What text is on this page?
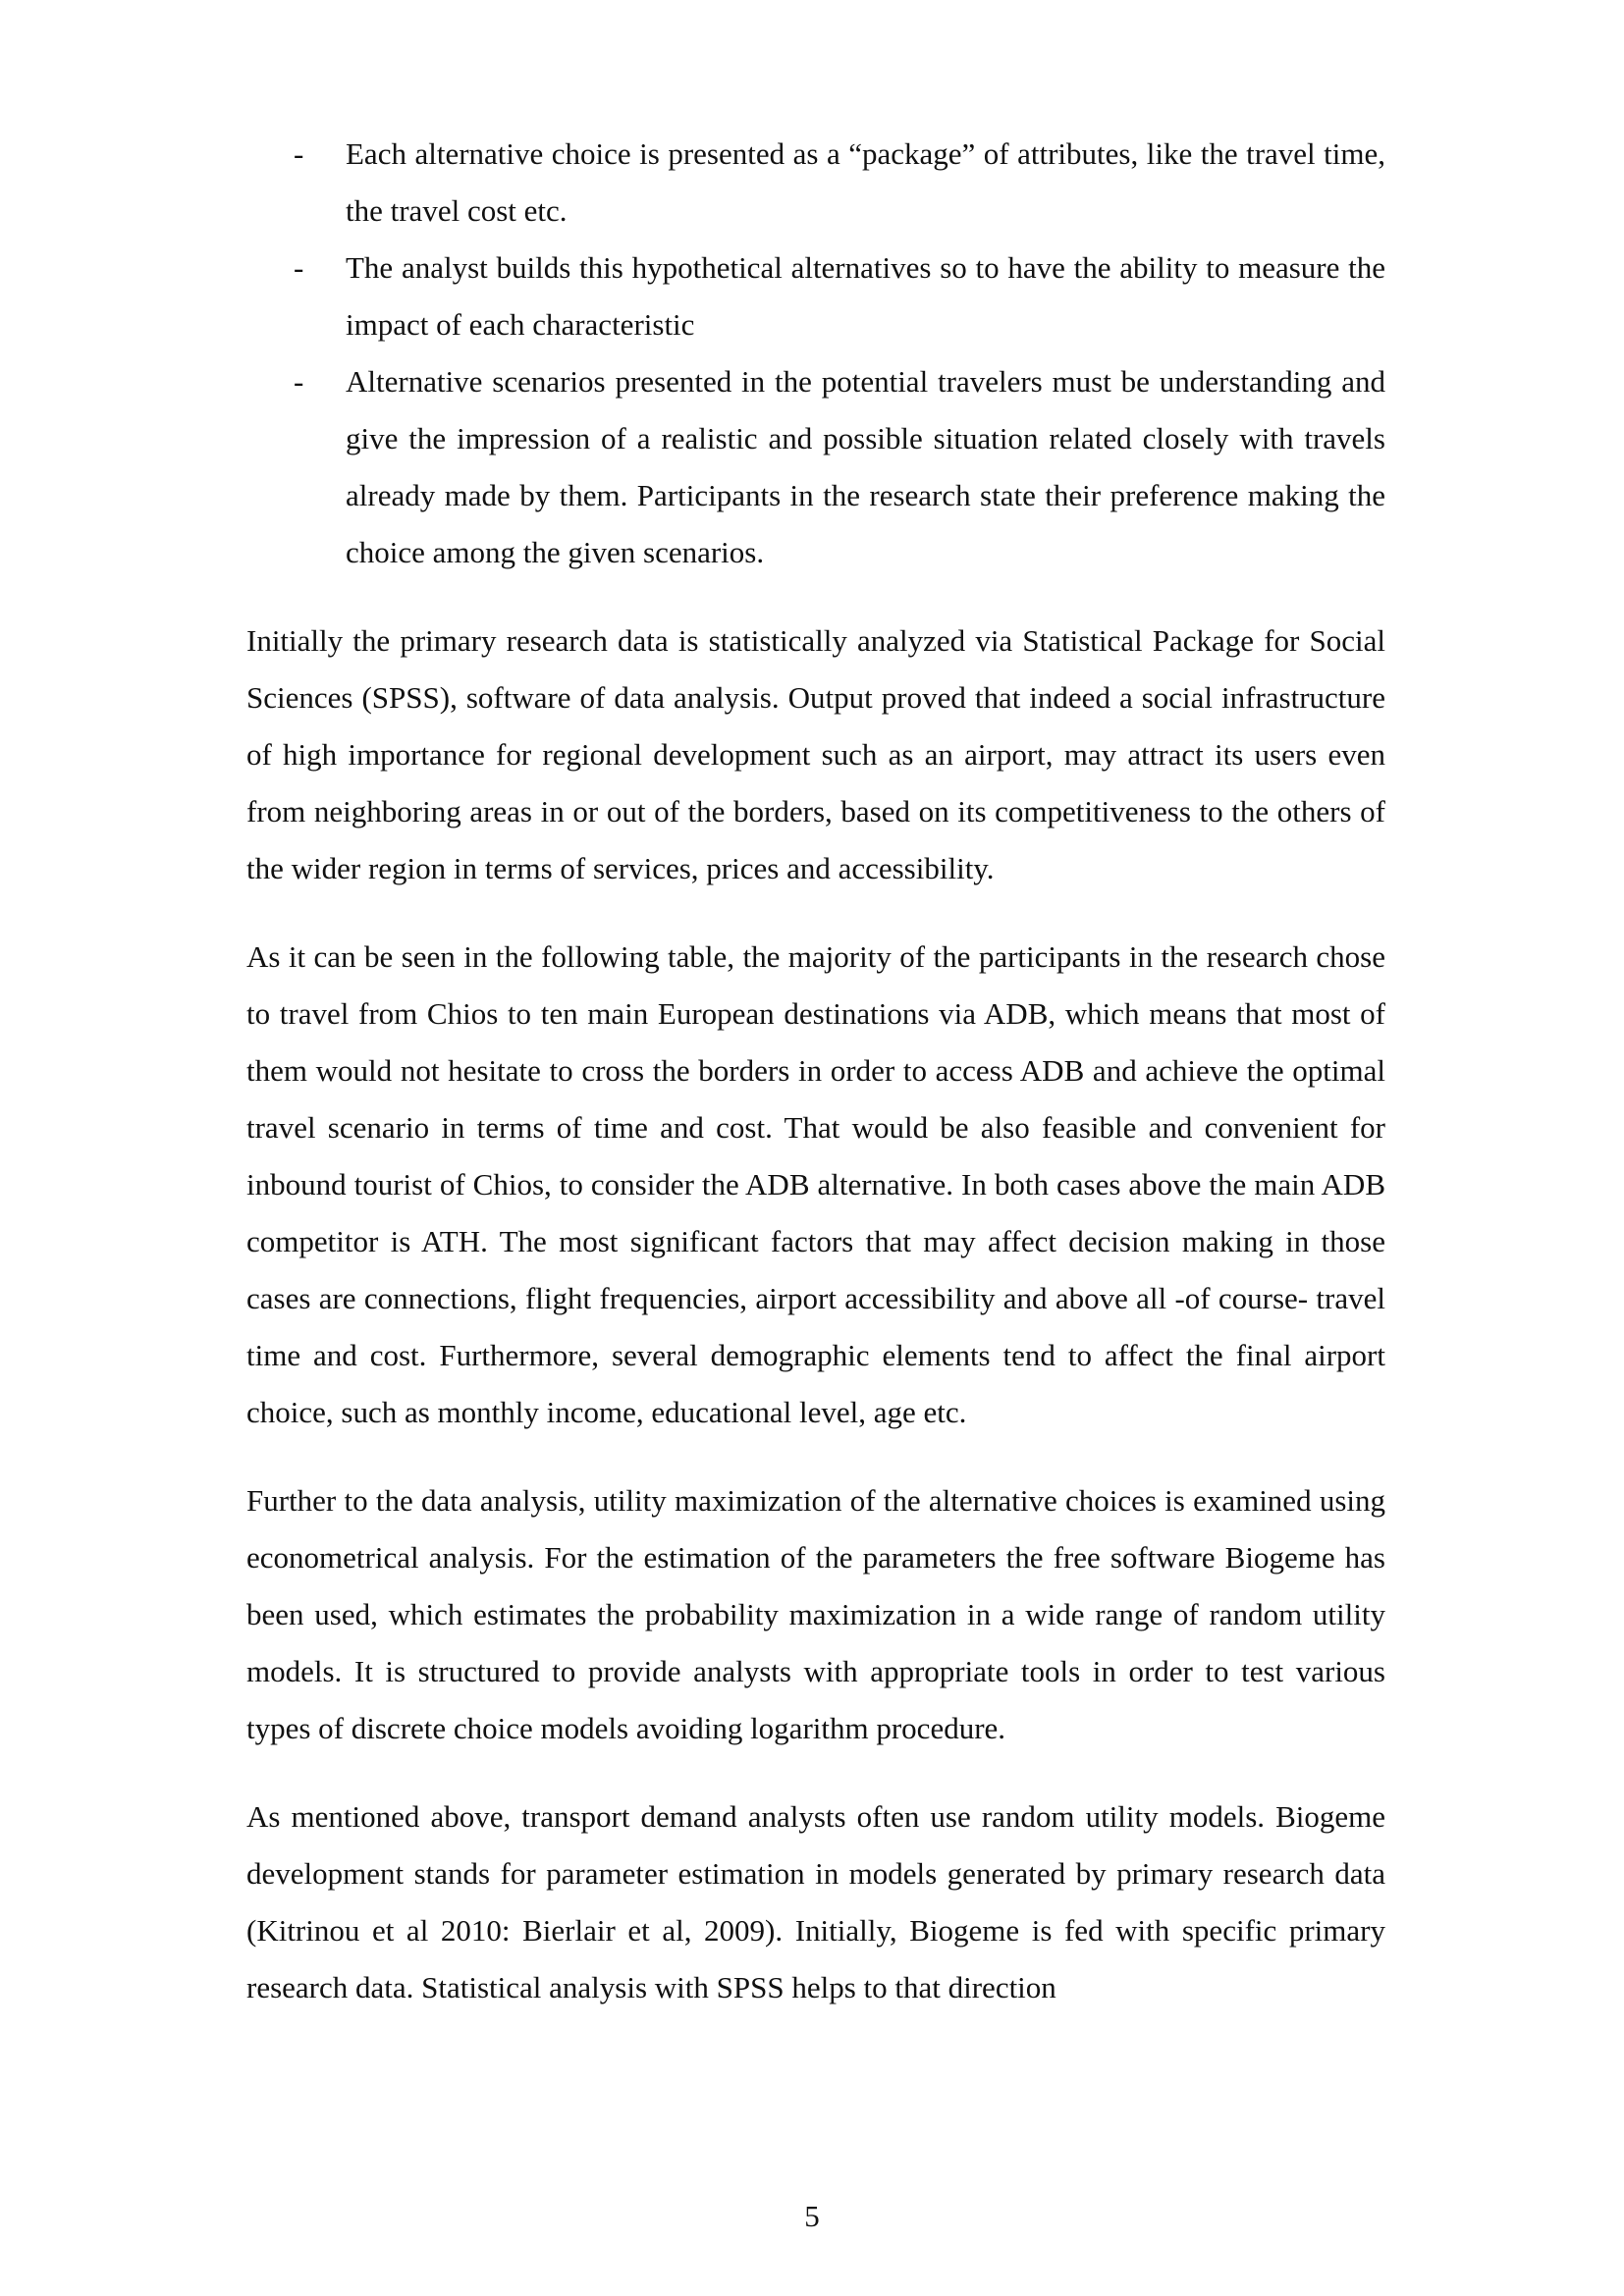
- Each alternative choice is presented as a “package” of attributes, like the travel time, the travel cost etc.
- The analyst builds this hypothetical alternatives so to have the ability to measure the impact of each characteristic
- Alternative scenarios presented in the potential travelers must be understanding and give the impression of a realistic and possible situation related closely with travels already made by them. Participants in the research state their preference making the choice among the given scenarios.

Initially the primary research data is statistically analyzed via Statistical Package for Social Sciences (SPSS), software of data analysis. Output proved that indeed a social infrastructure of high importance for regional development such as an airport, may attract its users even from neighboring areas in or out of the borders, based on its competitiveness to the others of the wider region in terms of services, prices and accessibility.

As it can be seen in the following table, the majority of the participants in the research chose to travel from Chios to ten main European destinations via ADB, which means that most of them would not hesitate to cross the borders in order to access ADB and achieve the optimal travel scenario in terms of time and cost. That would be also feasible and convenient for inbound tourist of Chios, to consider the ADB alternative. In both cases above the main ADB competitor is ATH. The most significant factors that may affect decision making in those cases are connections, flight frequencies, airport accessibility and above all -of course- travel time and cost. Furthermore, several demographic elements tend to affect the final airport choice, such as monthly income, educational level, age etc.

Further to the data analysis, utility maximization of the alternative choices is examined using econometrical analysis. For the estimation of the parameters the free software Biogeme has been used, which estimates the probability maximization in a wide range of random utility models. It is structured to provide analysts with appropriate tools in order to test various types of discrete choice models avoiding logarithm procedure.

As mentioned above, transport demand analysts often use random utility models. Biogeme development stands for parameter estimation in models generated by primary research data (Kitrinou et al 2010: Bierlair et al, 2009). Initially, Biogeme is fed with specific primary research data. Statistical analysis with SPSS helps to that direction

5
